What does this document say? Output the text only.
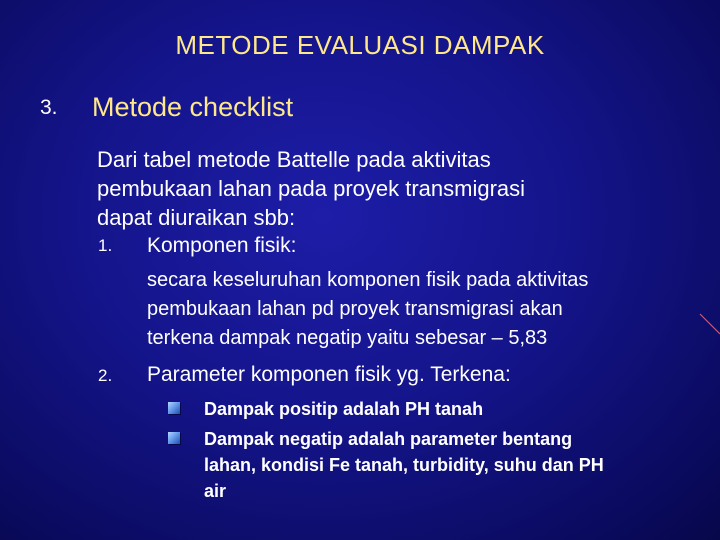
METODE EVALUASI DAMPAK
3. Metode checklist
Dari tabel metode Battelle pada aktivitas
pembukaan lahan pada proyek transmigrasi
dapat diuraikan sbb:
1. Komponen fisik:
secara keseluruhan komponen fisik pada aktivitas
pembukaan lahan pd proyek transmigrasi akan
terkena dampak negatip yaitu sebesar – 5,83
2. Parameter komponen fisik yg. Terkena:
Dampak positip adalah PH tanah
Dampak negatip adalah parameter bentang
lahan, kondisi Fe tanah, turbidity, suhu dan PH
air
